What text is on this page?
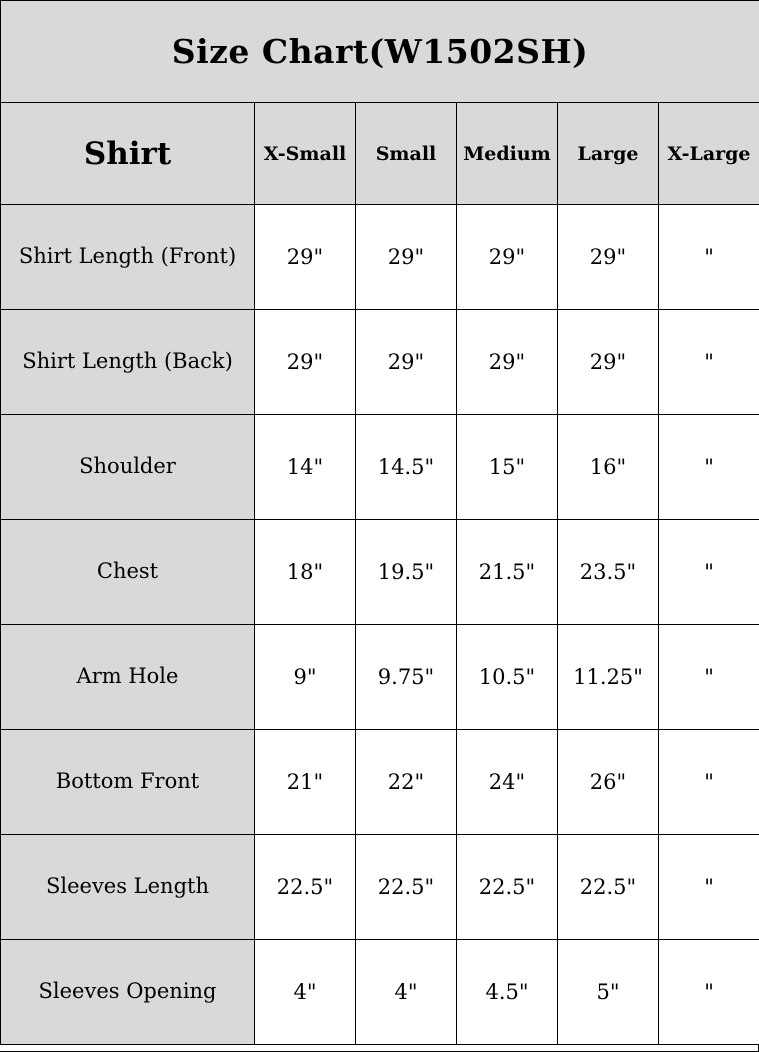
Size Chart(W1502SH)					
Shirt	X-Small	Small	Medium	Large	X-Large
Shirt Length (Front)	29"	29"	29"	29"	"
Shirt Length (Back)	29"	29"	29"	29"	"
Shoulder	14"	14.5"	15"	16"	"
Chest	18"	19.5"	21.5"	23.5"	"
Arm Hole	9"	9.75"	10.5"	11.25"	"
Bottom Front	21"	22"	24"	26"	"
Sleeves Length	22.5"	22.5"	22.5"	22.5"	"
Sleeves Opening	4"	4"	4.5"	5"	"
